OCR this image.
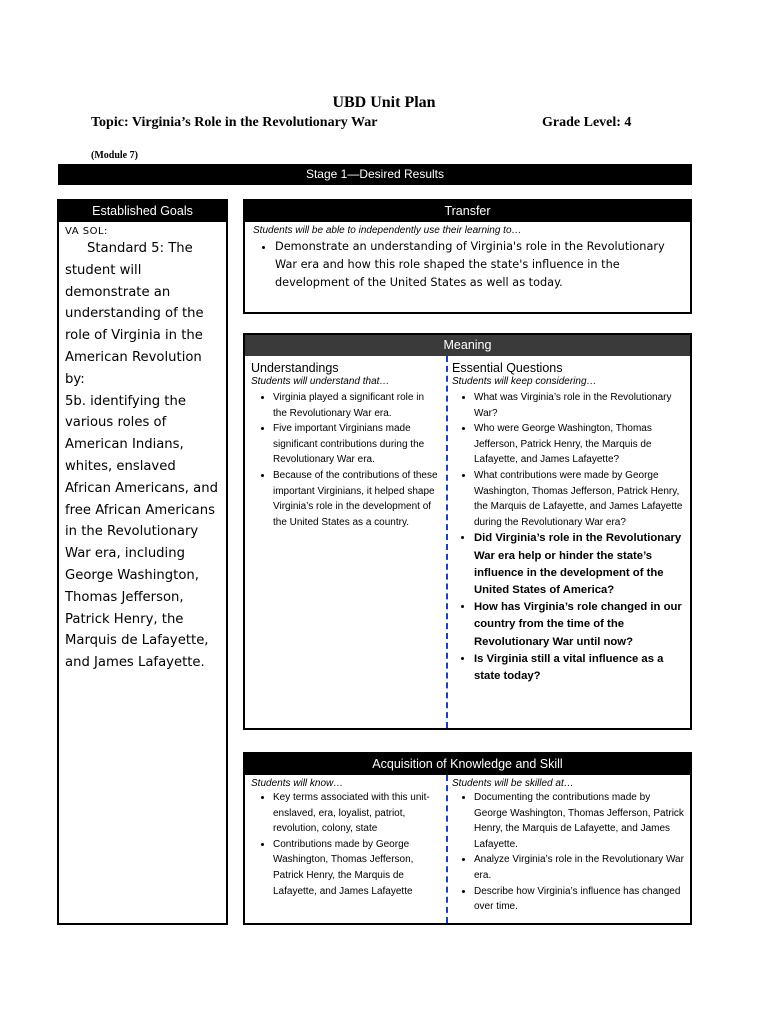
UBD Unit Plan
Topic: Virginia’s Role in the Revolutionary War	Grade Level: 4
(Module 7)
Stage 1—Desired Results
Established Goals
VA SOL:
Standard 5: The student will demonstrate an understanding of the role of Virginia in the American Revolution by:
5b. identifying the various roles of American Indians, whites, enslaved African Americans, and free African Americans in the Revolutionary War era, including George Washington, Thomas Jefferson, Patrick Henry, the Marquis de Lafayette, and James Lafayette.
Transfer
Students will be able to independently use their learning to…
• Demonstrate an understanding of Virginia's role in the Revolutionary War era and how this role shaped the state's influence in the development of the United States as well as today.
Meaning
Understandings
Students will understand that…
• Virginia played a significant role in the Revolutionary War era.
• Five important Virginians made significant contributions during the Revolutionary War era.
• Because of the contributions of these important Virginians, it helped shape Virginia’s role in the development of the United States as a country.
Essential Questions
Students will keep considering…
• What was Virginia’s role in the Revolutionary War?
• Who were George Washington, Thomas Jefferson, Patrick Henry, the Marquis de Lafayette, and James Lafayette?
• What contributions were made by George Washington, Thomas Jefferson, Patrick Henry, the Marquis de Lafayette, and James Lafayette during the Revolutionary War era?
• Did Virginia’s role in the Revolutionary War era help or hinder the state’s influence in the development of the United States of America?
• How has Virginia’s role changed in our country from the time of the Revolutionary War until now?
• Is Virginia still a vital influence as a state today?
Acquisition of Knowledge and Skill
Students will know…
• Key terms associated with this unit-enslaved, era, loyalist, patriot, revolution, colony, state
• Contributions made by George Washington, Thomas Jefferson, Patrick Henry, the Marquis de Lafayette, and James Lafayette
Students will be skilled at…
• Documenting the contributions made by George Washington, Thomas Jefferson, Patrick Henry, the Marquis de Lafayette, and James Lafayette.
• Analyze Virginia’s role in the Revolutionary War era.
• Describe how Virginia’s influence has changed over time.
